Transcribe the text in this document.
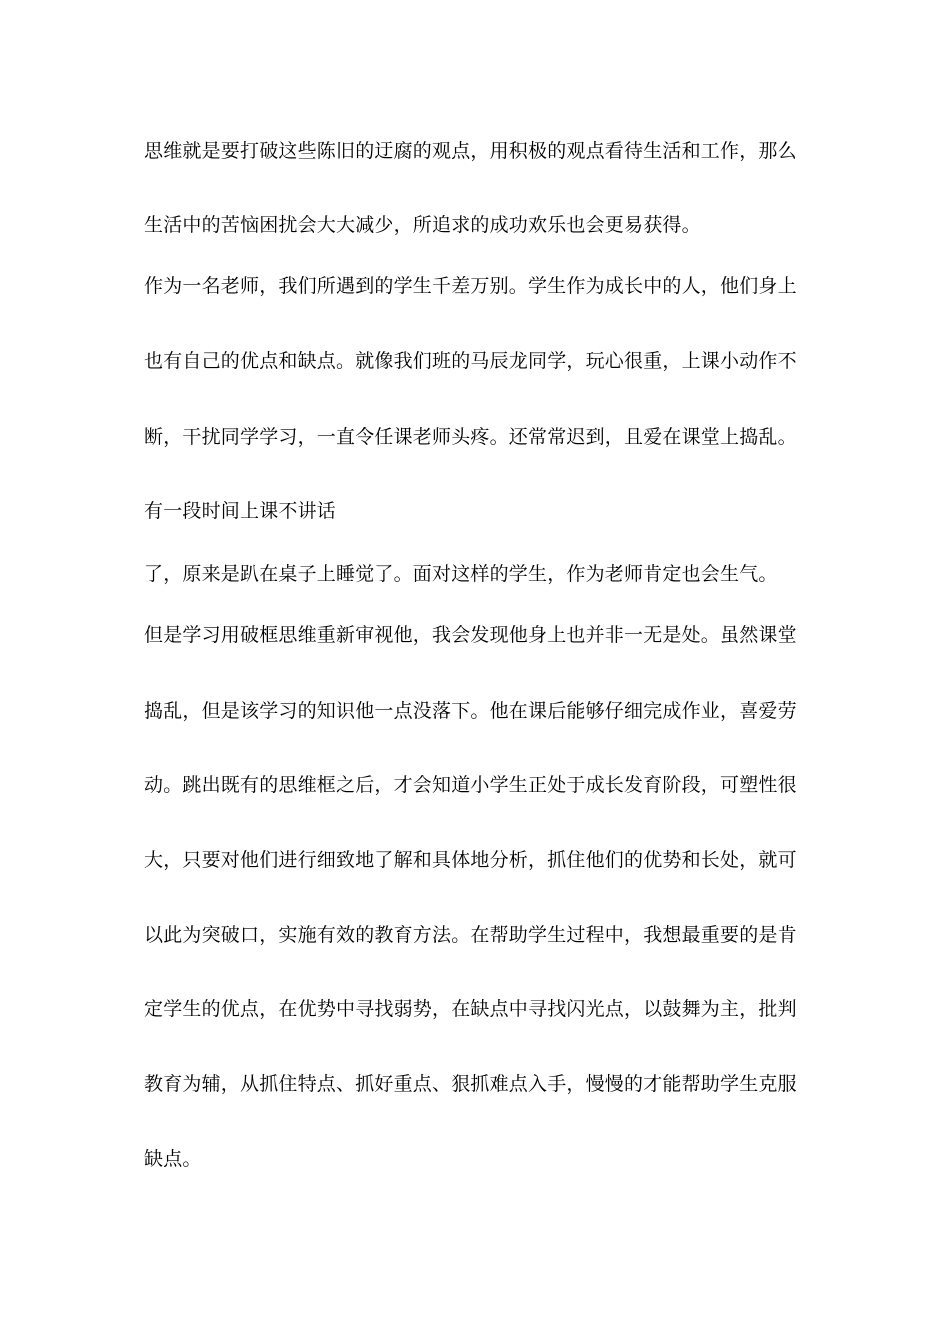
思维就是要打破这些陈旧的迂腐的观点，用积极的观点看待生活和工作，那么
生活中的苦恼困扰会大大减少，所追求的成功欢乐也会更易获得。
作为一名老师，我们所遇到的学生千差万别。学生作为成长中的人，他们身上
也有自己的优点和缺点。就像我们班的马辰龙同学，玩心很重，上课小动作不
断，干扰同学学习，一直令任课老师头疼。还常常迟到，且爱在课堂上捣乱。
有一段时间上课不讲话
了，原来是趴在桌子上睡觉了。面对这样的学生，作为老师肯定也会生气。
但是学习用破框思维重新审视他，我会发现他身上也并非一无是处。虽然课堂
捣乱，但是该学习的知识他一点没落下。他在课后能够仔细完成作业，喜爱劳
动。跳出既有的思维框之后，才会知道小学生正处于成长发育阶段，可塑性很
大，只要对他们进行细致地了解和具体地分析，抓住他们的优势和长处，就可
以此为突破口，实施有效的教育方法。在帮助学生过程中，我想最重要的是肯
定学生的优点，在优势中寻找弱势，在缺点中寻找闪光点，以鼓舞为主，批判
教育为辅，从抓住特点、抓好重点、狠抓难点入手，慢慢的才能帮助学生克服
缺点。
